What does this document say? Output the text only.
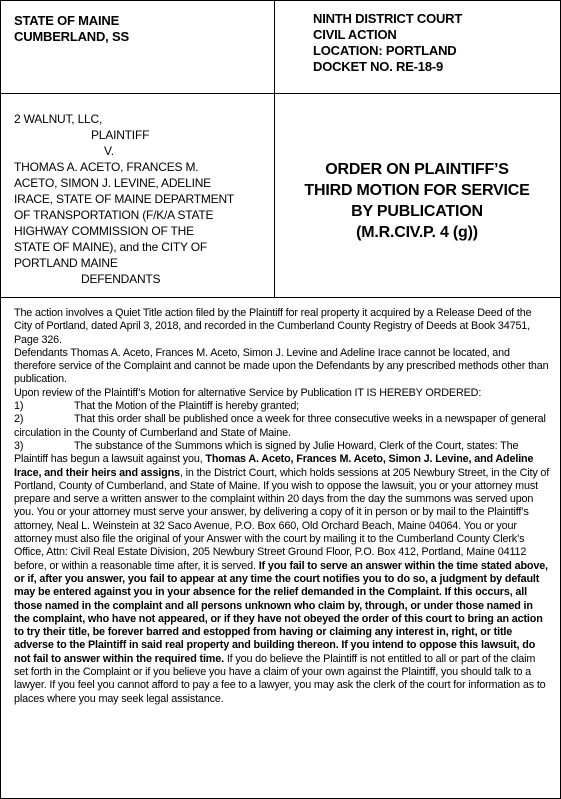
STATE OF MAINE
CUMBERLAND, SS
NINTH DISTRICT COURT
CIVIL ACTION
LOCATION: PORTLAND
DOCKET NO. RE-18-9
2 WALNUT, LLC,
PLAINTIFF
V.
THOMAS A. ACETO, FRANCES M.
ACETO, SIMON J. LEVINE, ADELINE
IRACE, STATE OF MAINE DEPARTMENT
OF TRANSPORTATION (F/K/A STATE
HIGHWAY COMMISSION OF THE
STATE OF MAINE), and the CITY OF
PORTLAND MAINE
DEFENDANTS
ORDER ON PLAINTIFF’S
THIRD MOTION FOR SERVICE
BY PUBLICATION
(M.R.CIV.P. 4 (g))

The action involves a Quiet Title action filed by the Plaintiff for real property it acquired by a Release Deed of the City of Portland, dated April 3, 2018, and recorded in the Cumberland County Registry of Deeds at Book 34751, Page 326.

Defendants Thomas A. Aceto, Frances M. Aceto, Simon J. Levine and Adeline Irace cannot be located, and therefore service of the Complaint and cannot be made upon the Defendants by any prescribed methods other than publication.

Upon review of the Plaintiff’s Motion for alternative Service by Publication IT IS HEREBY ORDERED:

1)	That the Motion of the Plaintiff is hereby granted;

2)	That this order shall be published once a week for three consecutive weeks in a newspaper of general circulation in the County of Cumberland and State of Maine.

3)	The substance of the Summons which is signed by Julie Howard, Clerk of the Court, states: The Plaintiff has begun a lawsuit against you, Thomas A. Aceto, Frances M. Aceto, Simon J. Levine, and Adeline Irace, and their heirs and assigns, in the District Court, which holds sessions at 205 Newbury Street, in the City of Portland, County of Cumberland, and State of Maine. If you wish to oppose the lawsuit, you or your attorney must prepare and serve a written answer to the complaint within 20 days from the day the summons was served upon you. You or your attorney must serve your answer, by delivering a copy of it in person or by mail to the Plaintiff’s attorney, Neal L. Weinstein at 32 Saco Avenue, P.O. Box 660, Old Orchard Beach, Maine 04064. You or your attorney must also file the original of your Answer with the court by mailing it to the Cumberland County Clerk’s Office, Attn: Civil Real Estate Division, 205 Newbury Street Ground Floor, P.O. Box 412, Portland, Maine 04112 before, or within a reasonable time after, it is served. If you fail to serve an answer within the time stated above, or if, after you answer, you fail to appear at any time the court notifies you to do so, a judgment by default may be entered against you in your absence for the relief demanded in the Complaint. If this occurs, all those named in the complaint and all persons unknown who claim by, through, or under those named in the complaint, who have not appeared, or if they have not obeyed the order of this court to bring an action to try their title, be forever barred and estopped from having or claiming any interest in, right, or title adverse to the Plaintiff in said real property and building thereon. If you intend to oppose this lawsuit, do not fail to answer within the required time. If you do believe the Plaintiff is not entitled to all or part of the claim set forth in the Complaint or if you believe you have a claim of your own against the Plaintiff, you should talk to a lawyer. If you feel you cannot afford to pay a fee to a lawyer, you may ask the clerk of the court for information as to places where you may seek legal assistance.
